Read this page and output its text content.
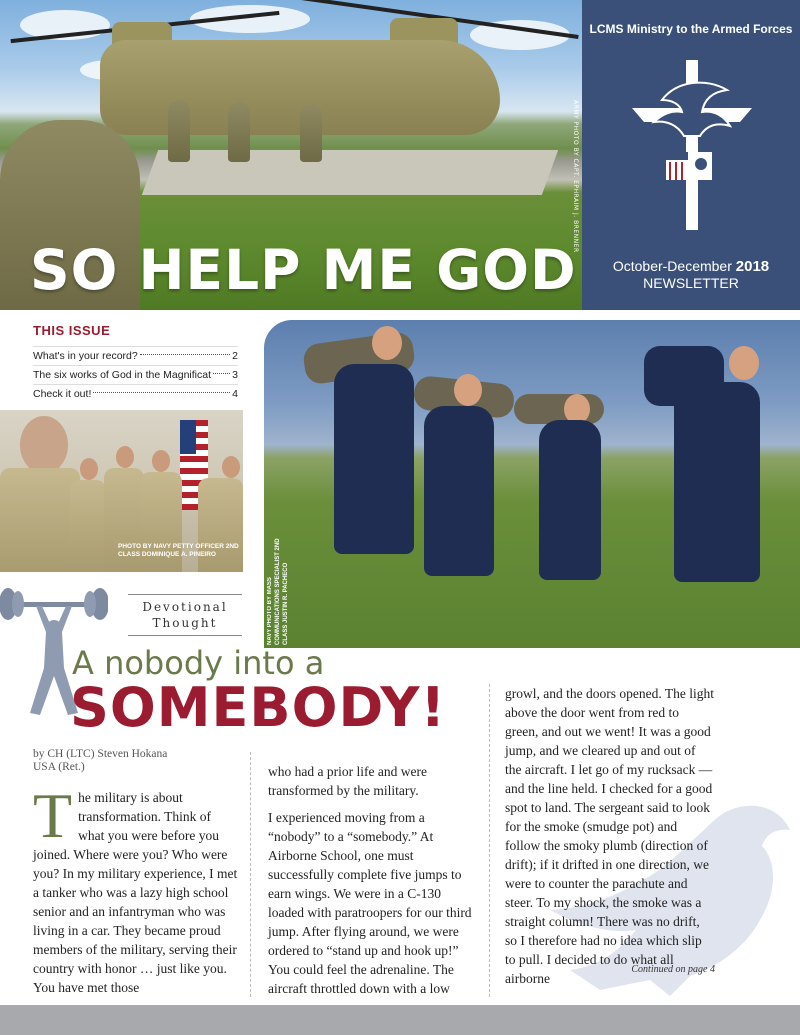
SO HELP ME GOD
ARMY PHOTO BY CAPT. EPHRAIM J. BRENNER
LCMS Ministry to the Armed Forces
October-December 2018
NEWSLETTER
THIS ISSUE
What's in your record?	2
The six works of God in the Magnificat 3
Check it out!	4
PHOTO BY NAVY PETTY OFFICER 2ND CLASS DOMINIQUE A. PINEIRO
NAVY PHOTO BY MASS COMMUNICATIONS SPECIALIST 2ND CLASS JUSTIN R. PACHECO
Devotional
Thought
A nobody into a
SOMEBODY!
by CH (LTC) Steven Hokana
USA (Ret.)
T he military is about transformation. Think of what you were before you joined. Where were you? Who were you? In my military experience, I met a tanker who was a lazy high school senior and an infantryman who was living in a car. They became proud members of the military, serving their country with honor … just like you. You have met those

who had a prior life and were transformed by the military.

I experienced moving from a “nobody” to a “somebody.” At Airborne School, one must successfully complete five jumps to earn wings. We were in a C-130 loaded with paratroopers for our third jump. After flying around, we were ordered to “stand up and hook up!” You could feel the adrenaline. The aircraft throttled down with a low

growl, and the doors opened. The light above the door went from red to green, and out we went! It was a good jump, and we cleared up and out of the aircraft. I let go of my rucksack — and the line held. I checked for a good spot to land. The sergeant said to look for the smoke (smudge pot) and follow the smoky plumb (direction of drift); if it drifted in one direction, we were to counter the parachute and steer. To my shock, the smoke was a straight column! There was no drift, so I therefore had no idea which slip to pull. I decided to do what all airborne

Continued on page 4
